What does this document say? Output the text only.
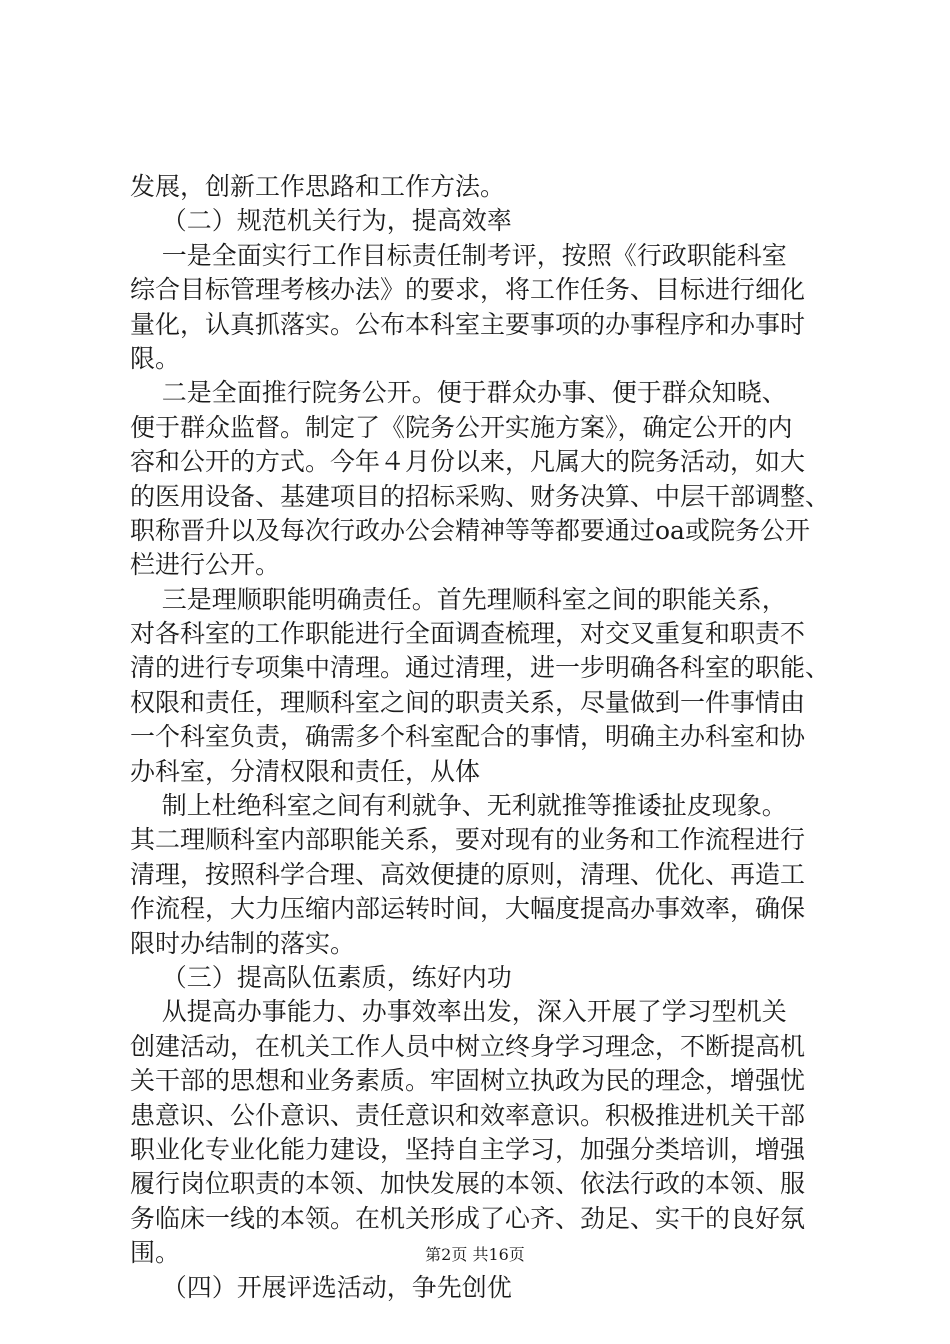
发展，创新工作思路和工作方法。
（二）规范机关行为，提高效率
一是全面实行工作目标责任制考评，按照《行政职能科室
综合目标管理考核办法》的要求，将工作任务、目标进行细化
量化，认真抓落实。公布本科室主要事项的办事程序和办事时
限。
二是全面推行院务公开。便于群众办事、便于群众知晓、
便于群众监督。制定了《院务公开实施方案》，确定公开的内
容和公开的方式。今年４月份以来，凡属大的院务活动，如大
的医用设备、基建项目的招标采购、财务决算、中层干部调整、
职称晋升以及每次行政办公会精神等等都要通过oa或院务公开
栏进行公开。
三是理顺职能明确责任。首先理顺科室之间的职能关系，
对各科室的工作职能进行全面调查梳理，对交叉重复和职责不
清的进行专项集中清理。通过清理，进一步明确各科室的职能、
权限和责任，理顺科室之间的职责关系，尽量做到一件事情由
一个科室负责，确需多个科室配合的事情，明确主办科室和协
办科室，分清权限和责任，从体
制上杜绝科室之间有利就争、无利就推等推诿扯皮现象。
其二理顺科室内部职能关系，要对现有的业务和工作流程进行
清理，按照科学合理、高效便捷的原则，清理、优化、再造工
作流程，大力压缩内部运转时间，大幅度提高办事效率，确保
限时办结制的落实。
（三）提高队伍素质，练好内功
从提高办事能力、办事效率出发，深入开展了学习型机关
创建活动，在机关工作人员中树立终身学习理念，不断提高机
关干部的思想和业务素质。牢固树立执政为民的理念，增强忧
患意识、公仆意识、责任意识和效率意识。积极推进机关干部
职业化专业化能力建设，坚持自主学习，加强分类培训，增强
履行岗位职责的本领、加快发展的本领、依法行政的本领、服
务临床一线的本领。在机关形成了心齐、劲足、实干的良好氛
围。
（四）开展评选活动，争先创优
第2页 共16页
